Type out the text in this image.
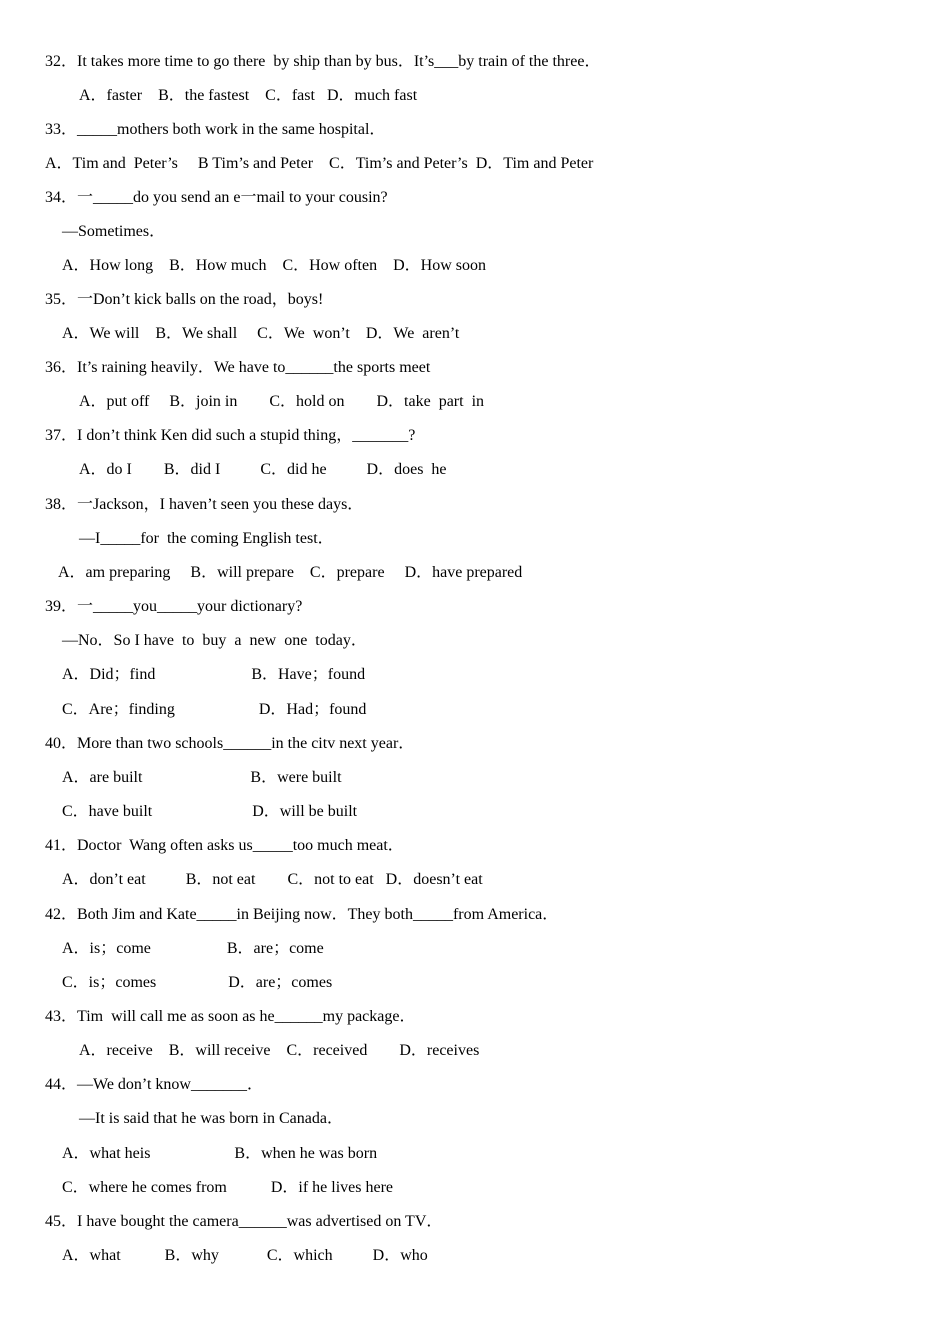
32．It takes more time to go there  by ship than by bus．It’s___by train of the three．
A．faster    B．the fastest    C．fast   D．much fast
33．_____mothers both work in the same hospital．
A．Tim and  Peter’s     B Tim’s and Peter    C．Tim’s and Peter’s  D．Tim and Peter
34．一_____do you send an e一mail to your cousin?
—Sometimes．
A．How long    B．How much    C．How often    D．How soon
35．一Don’t kick balls on the road，boys!
A．We will    B．We shall     C．We  won’t    D．We  aren’t
36．It’s raining heavily．We have to______the sports meet
A．put off     B．join in        C．hold on        D．take  part  in
37．I don’t think Ken did such a stupid thing，_______?
A．do I        B．did I          C．did he          D．does  he
38．一Jackson，I haven’t seen you these days．
—I_____for  the coming English test．
A．am preparing     B．will prepare    C．prepare     D．have prepared
39．一_____you_____your dictionary?
—No．So I have  to  buy  a  new  one  today．
A．Did；find                        B．Have；found
C．Are；finding                     D．Had；found
40．More than two schools______in the citv next year．
A．are built                           B．were built
C．have built                         D．will be built
41．Doctor  Wang often asks us_____too much meat．
A．don’t eat          B．not eat        C．not to eat   D．doesn’t eat
42．Both Jim and Kate_____in Beijing now．They both_____from America．
A．is；come                   B．are；come
C．is；comes                  D．are；comes
43．Tim  will call me as soon as he______my package．
A．receive    B．will receive    C．received        D．receives
44．—We don’t know_______．
—It is said that he was born in Canada．
A．what heis                     B．when he was born
C．where he comes from           D．if he lives here
45．I have bought the camera______was advertised on TV．
A．what           B．why            C．which          D．who
